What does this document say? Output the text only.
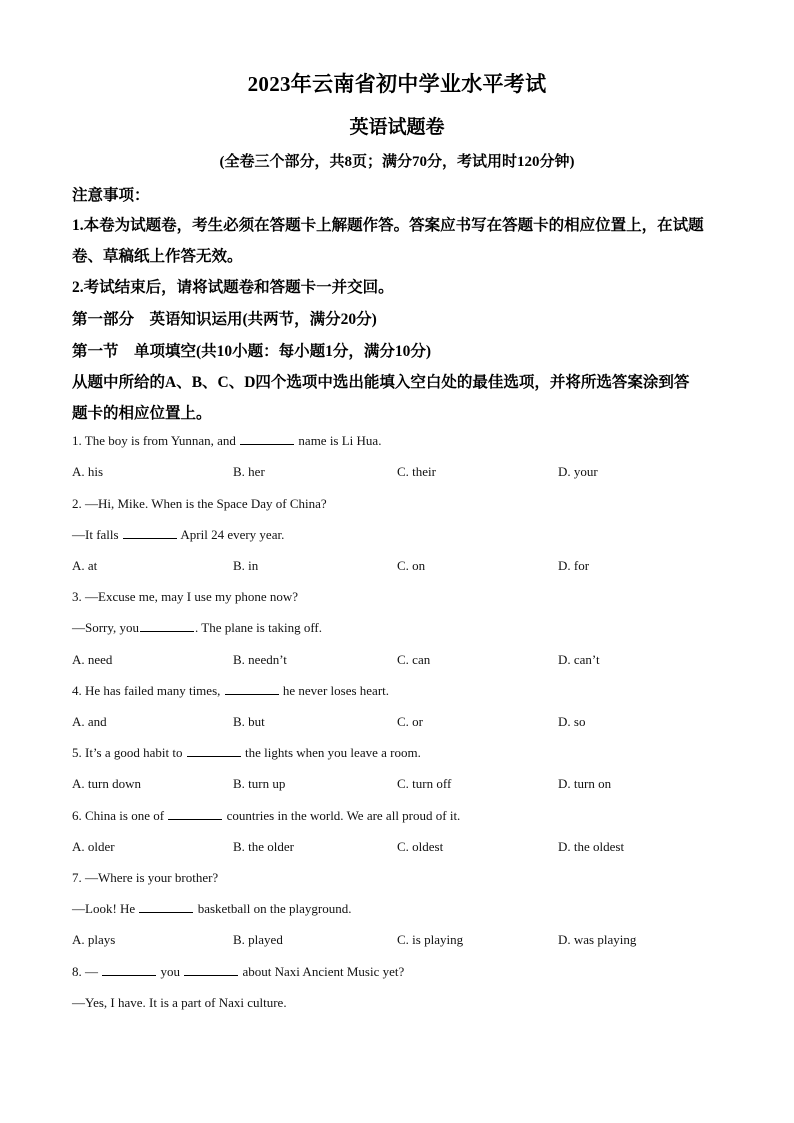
2023年云南省初中学业水平考试
英语试题卷
(全卷三个部分，共8页；满分70分，考试用时120分钟)
注意事项：
1.本卷为试题卷，考生必须在答题卡上解题作答。答案应书写在答题卡的相应位置上，在试题
卷、草稿纸上作答无效。
2.考试结束后，请将试题卷和答题卡一并交回。
第一部分　英语知识运用(共两节，满分20分)
第一节　单项填空(共10小题：每小题1分，满分10分)
从题中所给的A、B、C、D四个选项中选出能填入空白处的最佳选项，并将所选答案涂到答
题卡的相应位置上。
1. The boy is from Yunnan, and	name is Li Hua.
A. his	B. her	C. their	D. your
2. —Hi, Mike. When is the Space Day of China?
—It falls	April 24 every year.
A. at	B. in	C. on	D. for
3. —Excuse me, may I use my phone now?
—Sorry, you	. The plane is taking off.
A. need	B. needn’t	C. can	D. can’t
4. He has failed many times,	he never loses heart.
A. and	B. but	C. or	D. so
5. It’s a good habit to	the lights when you leave a room.
A. turn down	B. turn up	C. turn off	D. turn on
6. China is one of	countries in the world. We are all proud of it.
A. older	B. the older	C. oldest	D. the oldest
7. —Where is your brother?
—Look! He	basketball on the playground.
A. plays	B. played	C. is playing	D. was playing
8. —	you	about Naxi Ancient Music yet?
—Yes, I have. It is a part of Naxi culture.
